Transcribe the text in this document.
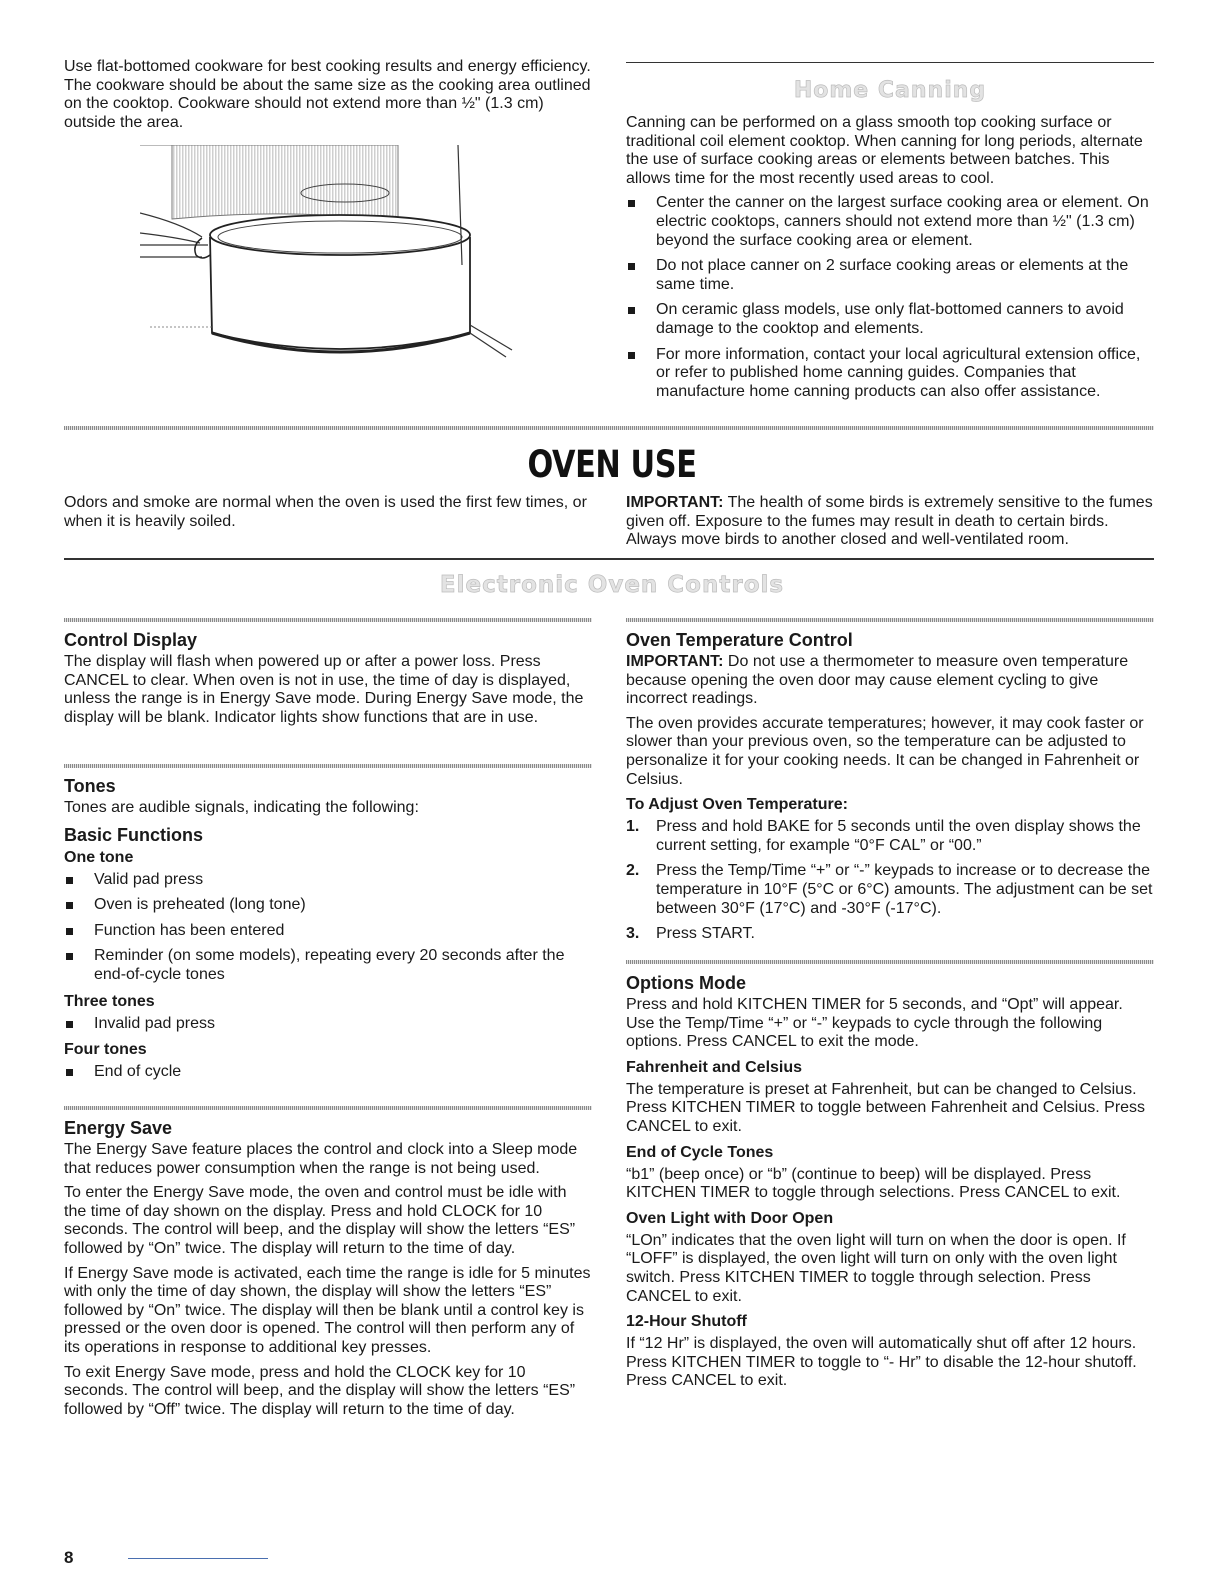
Use flat-bottomed cookware for best cooking results and energy efficiency. The cookware should be about the same size as the cooking area outlined on the cooktop. Cookware should not extend more than ½" (1.3 cm) outside the area.

Home Canning

Canning can be performed on a glass smooth top cooking surface or traditional coil element cooktop. When canning for long periods, alternate the use of surface cooking areas or elements between batches. This allows time for the most recently used areas to cool.

Center the canner on the largest surface cooking area or element. On electric cooktops, canners should not extend more than ½" (1.3 cm) beyond the surface cooking area or element.
Do not place canner on 2 surface cooking areas or elements at the same time.
On ceramic glass models, use only flat-bottomed canners to avoid damage to the cooktop and elements.
For more information, contact your local agricultural extension office, or refer to published home canning guides. Companies that manufacture home canning products can also offer assistance.
OVEN USE

Odors and smoke are normal when the oven is used the first few times, or when it is heavily soiled.

IMPORTANT: The health of some birds is extremely sensitive to the fumes given off. Exposure to the fumes may result in death to certain birds. Always move birds to another closed and well-ventilated room.

Electronic Oven Controls
Control Display

The display will flash when powered up or after a power loss. Press CANCEL to clear. When oven is not in use, the time of day is displayed, unless the range is in Energy Save mode. During Energy Save mode, the display will be blank. Indicator lights show functions that are in use.

Tones

Tones are audible signals, indicating the following:

Basic Functions
One tone
Valid pad press
Oven is preheated (long tone)
Function has been entered
Reminder (on some models), repeating every 20 seconds after the end-of-cycle tones
Three tones
Invalid pad press
Four tones
End of cycle
Energy Save

The Energy Save feature places the control and clock into a Sleep mode that reduces power consumption when the range is not being used.

To enter the Energy Save mode, the oven and control must be idle with the time of day shown on the display. Press and hold CLOCK for 10 seconds. The control will beep, and the display will show the letters “ES” followed by “On” twice. The display will return to the time of day.

If Energy Save mode is activated, each time the range is idle for 5 minutes with only the time of day shown, the display will show the letters “ES” followed by “On” twice. The display will then be blank until a control key is pressed or the oven door is opened. The control will then perform any of its operations in response to additional key presses.

To exit Energy Save mode, press and hold the CLOCK key for 10 seconds. The control will beep, and the display will show the letters “ES” followed by “Off” twice. The display will return to the time of day.

Oven Temperature Control

IMPORTANT: Do not use a thermometer to measure oven temperature because opening the oven door may cause element cycling to give incorrect readings.

The oven provides accurate temperatures; however, it may cook faster or slower than your previous oven, so the temperature can be adjusted to personalize it for your cooking needs. It can be changed in Fahrenheit or Celsius.

To Adjust Oven Temperature:
1. Press and hold BAKE for 5 seconds until the oven display shows the current setting, for example “0°F CAL” or “00.”
2. Press the Temp/Time “+” or “-” keypads to increase or to decrease the temperature in 10°F (5°C or 6°C) amounts. The adjustment can be set between 30°F (17°C) and -30°F (-17°C).
3. Press START.
Options Mode

Press and hold KITCHEN TIMER for 5 seconds, and “Opt” will appear. Use the Temp/Time “+” or “-” keypads to cycle through the following options. Press CANCEL to exit the mode.

Fahrenheit and Celsius

The temperature is preset at Fahrenheit, but can be changed to Celsius. Press KITCHEN TIMER to toggle between Fahrenheit and Celsius. Press CANCEL to exit.

End of Cycle Tones

“b1” (beep once) or “b” (continue to beep) will be displayed. Press KITCHEN TIMER to toggle through selections. Press CANCEL to exit.

Oven Light with Door Open

“LOn” indicates that the oven light will turn on when the door is open. If “LOFF” is displayed, the oven light will turn on only with the oven light switch. Press KITCHEN TIMER to toggle through selection. Press CANCEL to exit.

12-Hour Shutoff

If “12 Hr” is displayed, the oven will automatically shut off after 12 hours. Press KITCHEN TIMER to toggle to “- Hr” to disable the 12-hour shutoff. Press CANCEL to exit.

8
